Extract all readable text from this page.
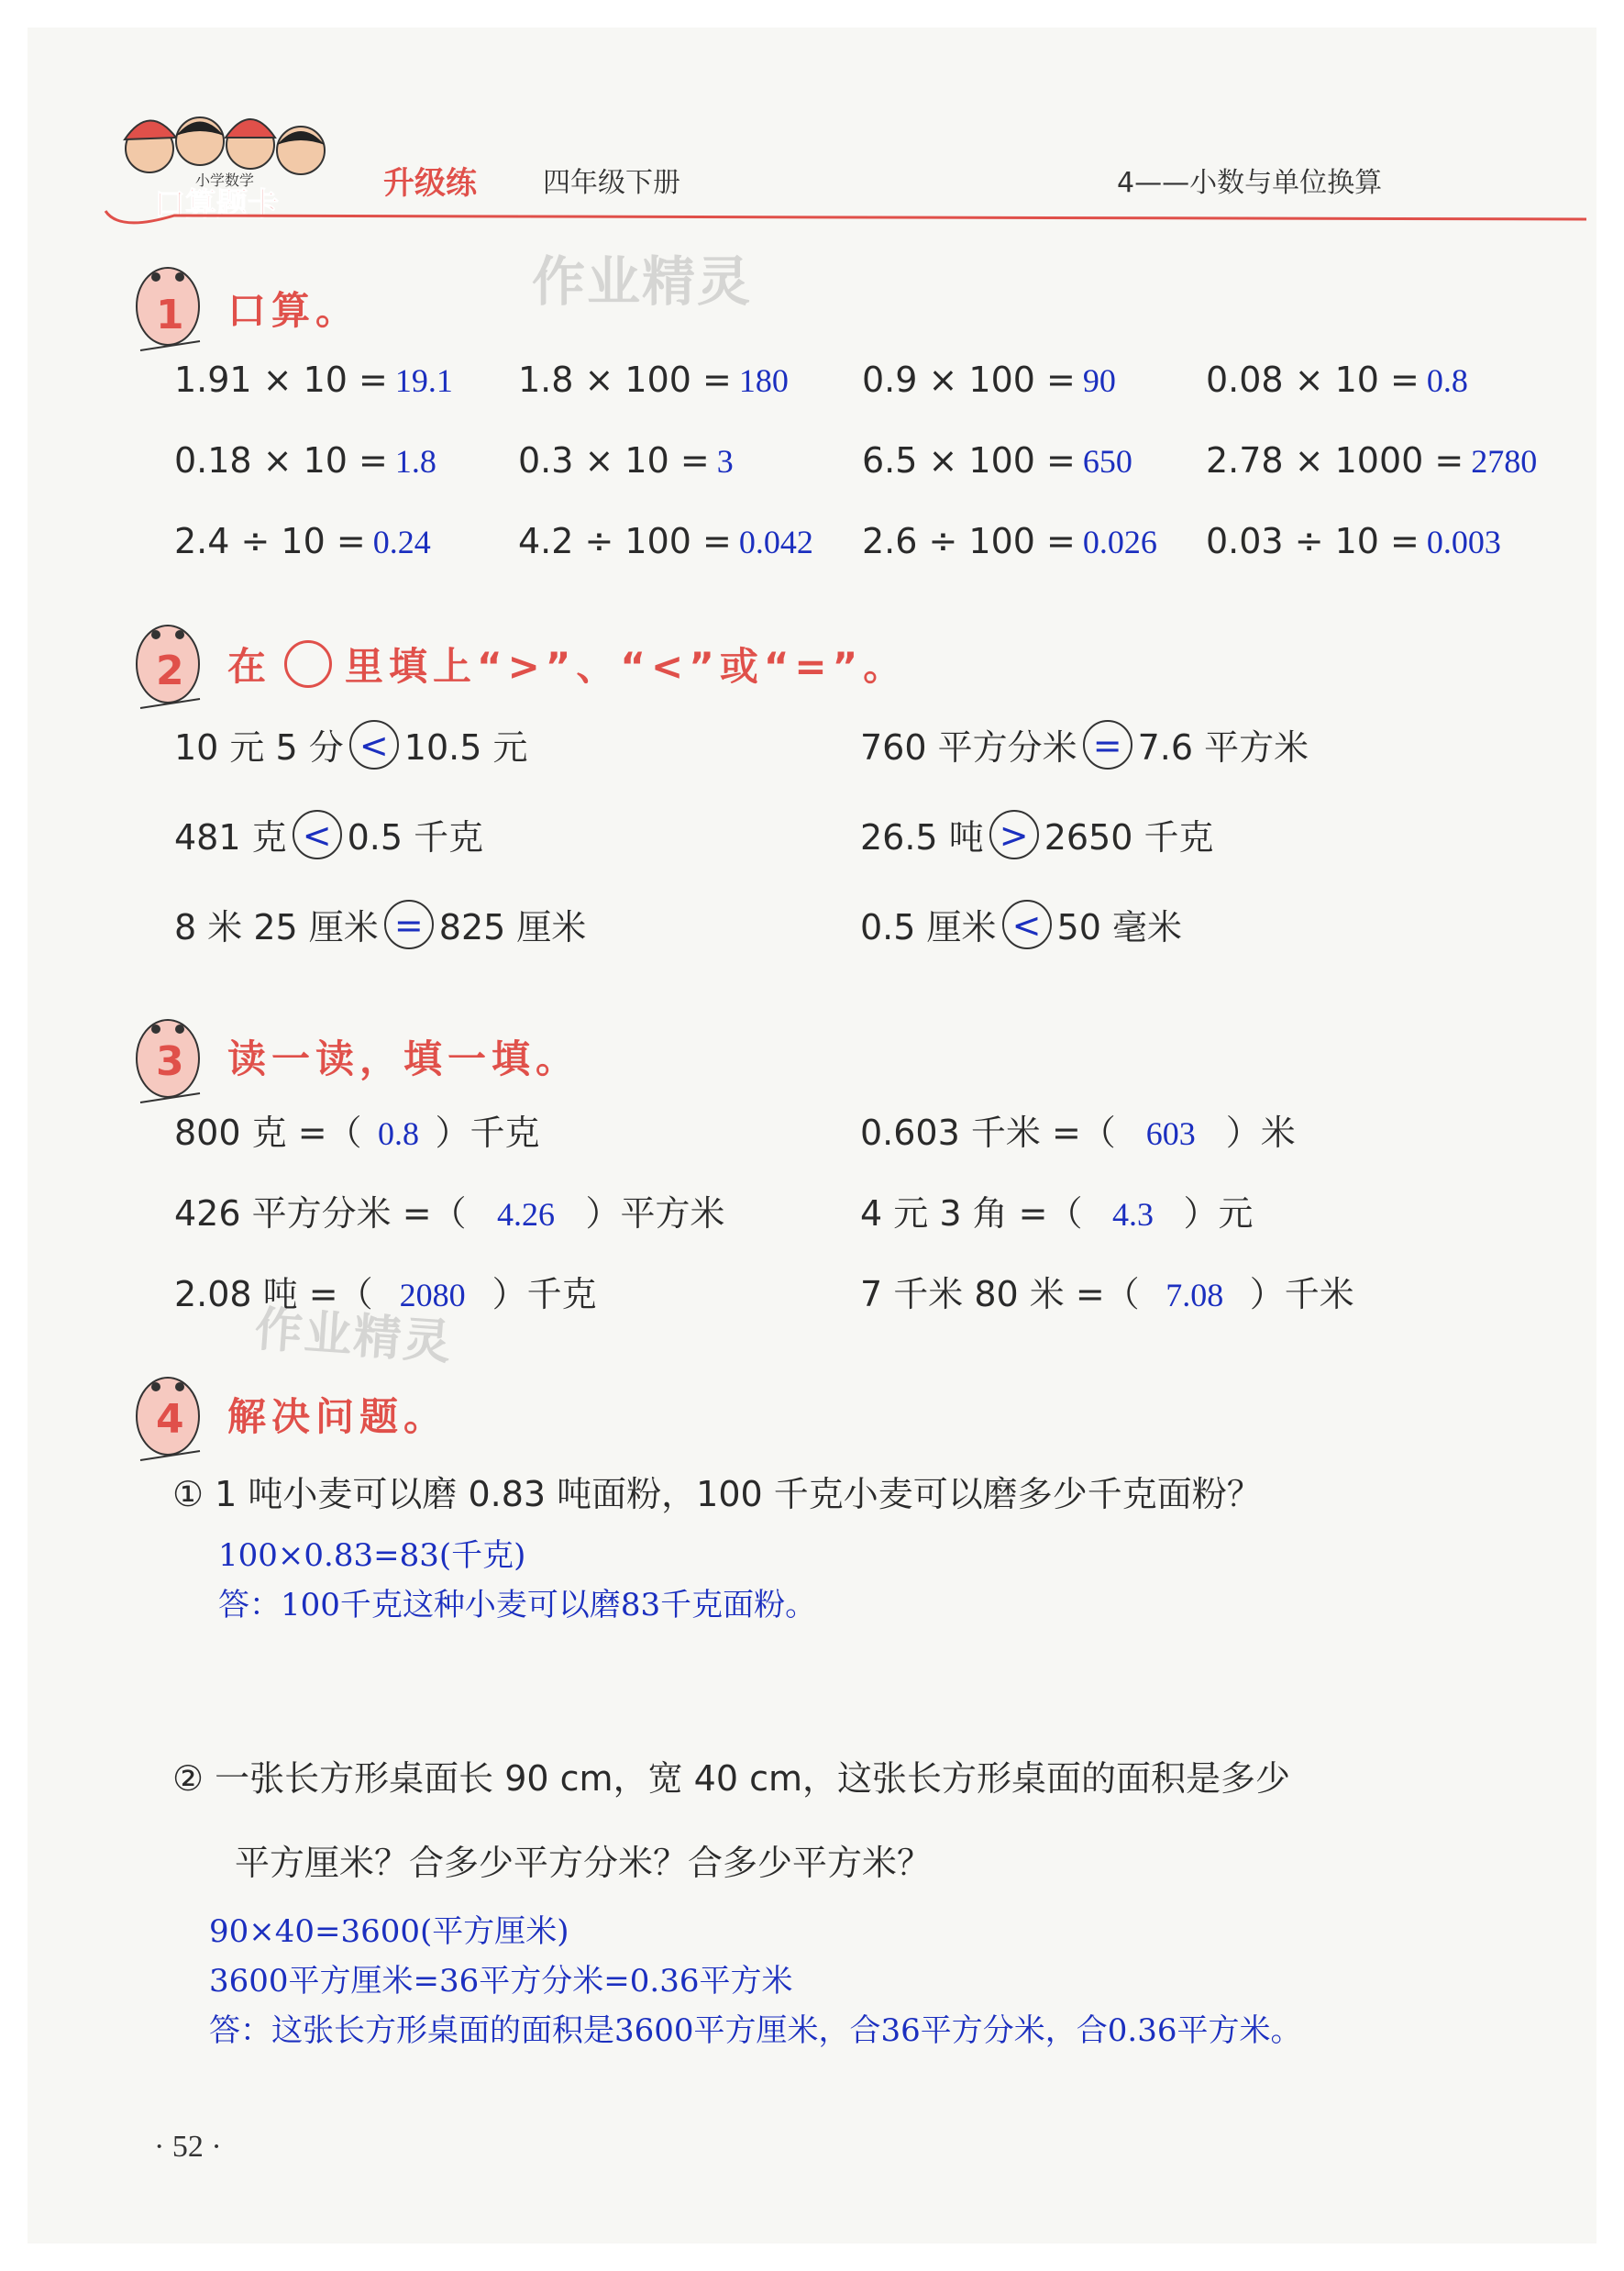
小学数学
口算题卡
升级练 四年级下册	4——小数与单位换算
作业精灵
作业精灵
1 口算。
1.91 × 10 = 19.1 1.8 × 100 = 180 0.9 × 100 = 90	0.08 × 10 = 0.8
0.18 × 10 = 1.8 0.3 × 10 = 3	6.5 × 100 = 650 2.78 × 1000 = 2780
2.4 ÷ 10 = 0.24	4.2 ÷ 100 = 0.042 2.6 ÷ 100 = 0.026 0.03 ÷ 10 = 0.003
2 在 里填上“>”、“<”或“=”。
10 元 5 分 < 10.5 元	760 平方分米 = 7.6 平方米
481 克 < 0.5 千克	26.5 吨 > 2650 千克
8 米 25 厘米 = 825 厘米	0.5 厘米 < 50 毫米
3 读一读，填一填。
800 克 =（ 0.8 ）千克	0.603 千米 =（ 603 ）米
426 平方分米 =（ 4.26 ）平方米	4 元 3 角 =（ 4.3 ）元
2.08 吨 =（ 2080 ）千克	7 千米 80 米 =（ 7.08 ）千米
4 解决问题。
① 1 吨小麦可以磨 0.83 吨面粉，100 千克小麦可以磨多少千克面粉？
100×0.83=83(千克)
答：100千克这种小麦可以磨83千克面粉。
② 一张长方形桌面长 90 cm，宽 40 cm，这张长方形桌面的面积是多少
平方厘米？合多少平方分米？合多少平方米？
90×40=3600(平方厘米)
3600平方厘米=36平方分米=0.36平方米
答：这张长方形桌面的面积是3600平方厘米，合36平方分米，合0.36平方米。
· 52 ·
